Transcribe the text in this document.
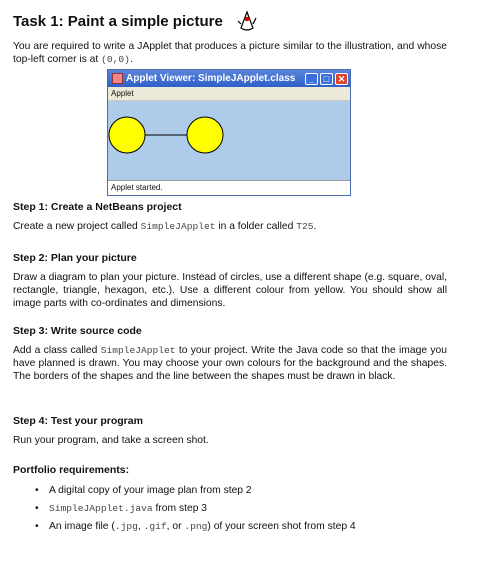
Task 1: Paint a simple picture

You are required to write a JApplet that produces a picture similar to the illustration, and whose top-left corner is at (0,0).

Applet Viewer: SimpleJApplet.class	_	□ ✕
Applet
Applet started.
Step 1: Create a NetBeans project

Create a new project called SimpleJApplet in a folder called T25.

Step 2: Plan your picture

Draw a diagram to plan your picture. Instead of circles, use a different shape (e.g. square, oval, rectangle, triangle, hexagon, etc.). Use a different colour from yellow. You should show all image parts with co-ordinates and dimensions.

Step 3: Write source code

Add a class called SimpleJApplet to your project. Write the Java code so that the image you have planned is drawn. You may choose your own colours for the background and the shapes. The borders of the shapes and the line between the shapes must be drawn in black.

Step 4: Test your program

Run your program, and take a screen shot.

Portfolio requirements:
• A digital copy of your image plan from step 2
• SimpleJApplet.java from step 3
• An image file (.jpg, .gif, or .png) of your screen shot from step 4
